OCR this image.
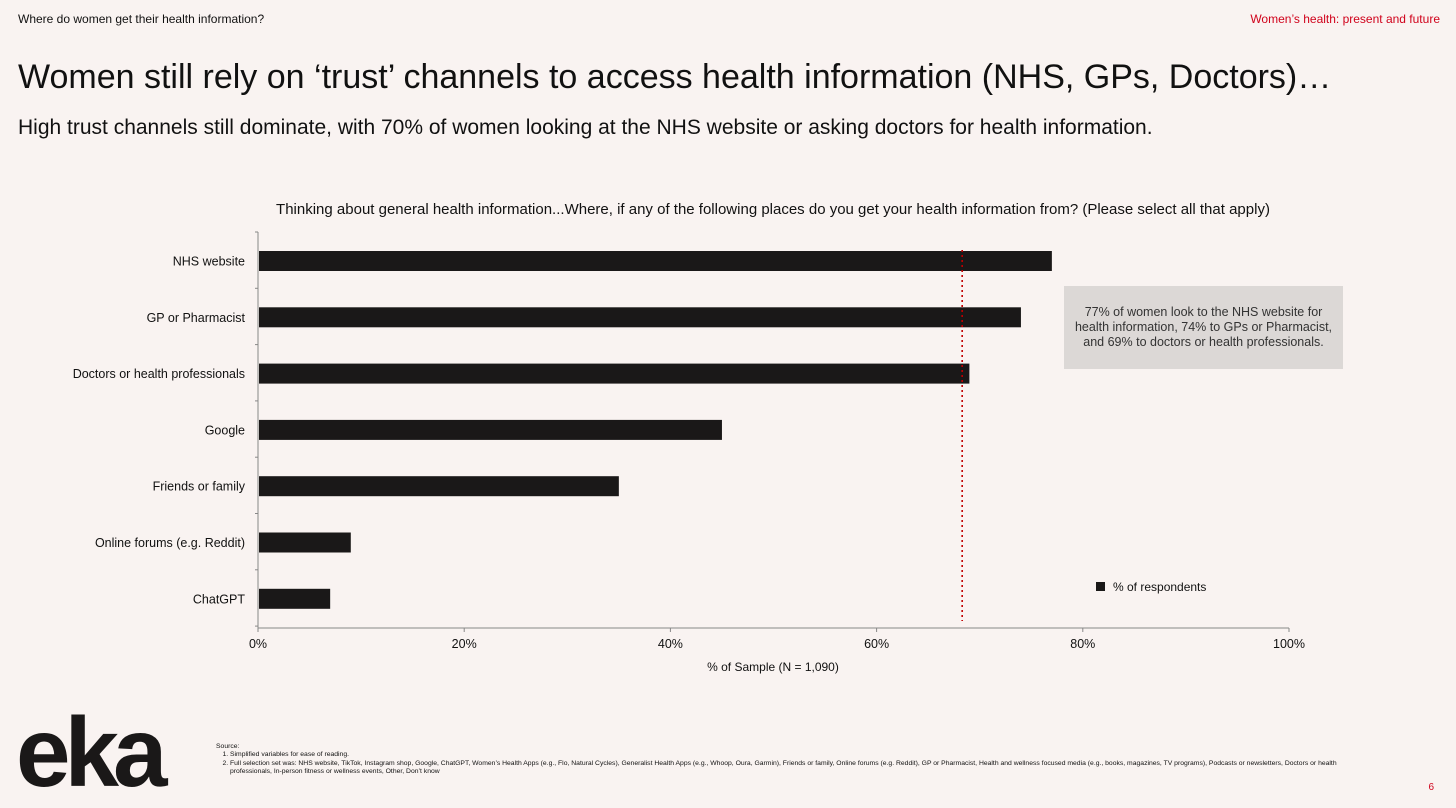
Where do women get their health information?	Women’s health: present and future
Women still rely on ‘trust’ channels to access health information (NHS, GPs, Doctors)…

High trust channels still dominate, with 70% of women looking at the NHS website or asking doctors for health information.

Thinking about general health information...Where, if any of the following places do you get your health information from? (Please select all that apply)
NHS website
GP or Pharmacist
Doctors or health professionals
Google
Friends or family
Online forums (e.g. Reddit)
ChatGPT
0%	20%	40%	60%	80%	100%
% of Sample (N = 1,090)
% of respondents
77% of women look to the NHS website for health information, 74% to GPs or Pharmacist, and 69% to doctors or health professionals.
eka	Source:
1. Simplified variables for ease of reading.
2. Full selection set was: NHS website, TikTok, Instagram shop, Google, ChatGPT, Women’s Health Apps (e.g., Flo, Natural Cycles), Generalist Health Apps (e.g., Whoop, Oura, Garmin), Friends or family, Online forums (e.g. Reddit), GP or Pharmacist, Health and wellness focused media (e.g., books, magazines, TV programs), Podcasts or newsletters, Doctors or health professionals, In-person fitness or wellness events, Other, Don’t know
6
